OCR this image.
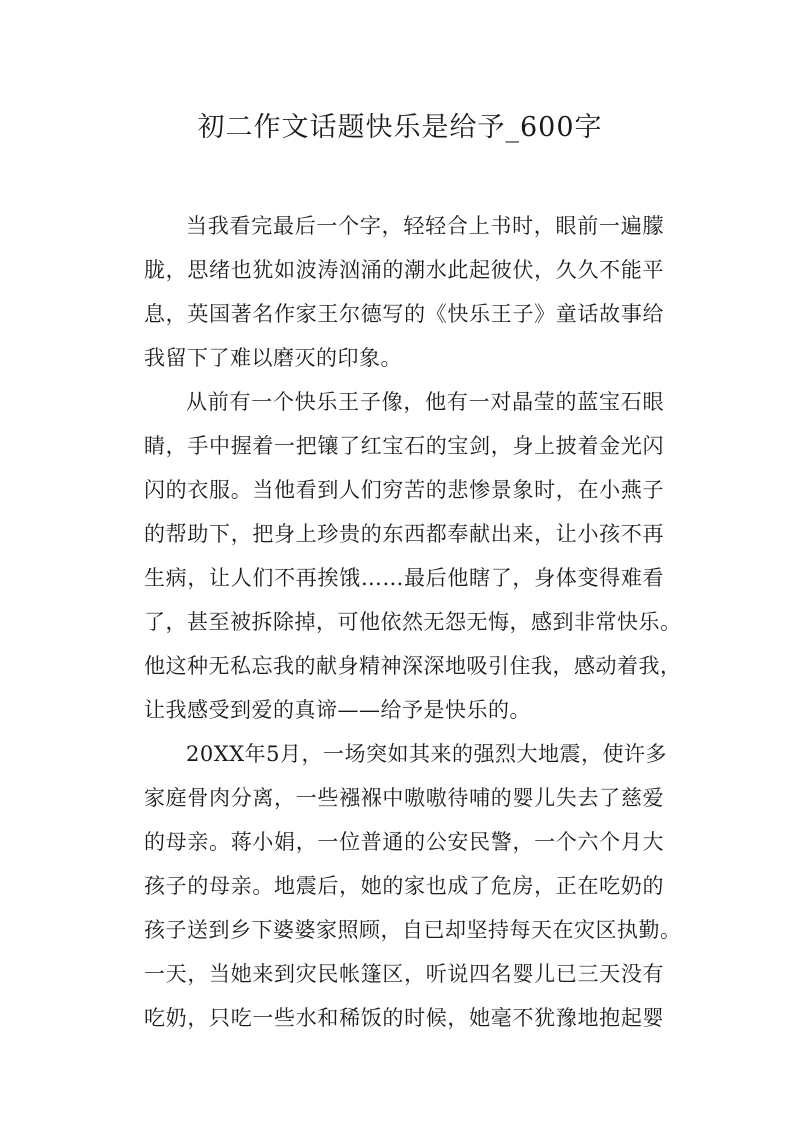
初二作文话题快乐是给予_600字
当我看完最后一个字，轻轻合上书时，眼前一遍朦
胧，思绪也犹如波涛汹涌的潮水此起彼伏，久久不能平
息，英国著名作家王尔德写的《快乐王子》童话故事给
我留下了难以磨灭的印象。
从前有一个快乐王子像，他有一对晶莹的蓝宝石眼
睛，手中握着一把镶了红宝石的宝剑，身上披着金光闪
闪的衣服。当他看到人们穷苦的悲惨景象时，在小燕子
的帮助下，把身上珍贵的东西都奉献出来，让小孩不再
生病，让人们不再挨饿……最后他瞎了，身体变得难看
了，甚至被拆除掉，可他依然无怨无悔，感到非常快乐。
他这种无私忘我的献身精神深深地吸引住我，感动着我，
让我感受到爱的真谛——给予是快乐的。
20XX年5月，一场突如其来的强烈大地震，使许多
家庭骨肉分离，一些襁褓中嗷嗷待哺的婴儿失去了慈爱
的母亲。蒋小娟，一位普通的公安民警，一个六个月大
孩子的母亲。地震后，她的家也成了危房，正在吃奶的
孩子送到乡下婆婆家照顾，自已却坚持每天在灾区执勤。
一天，当她来到灾民帐篷区，听说四名婴儿已三天没有
吃奶，只吃一些水和稀饭的时候，她毫不犹豫地抱起婴
